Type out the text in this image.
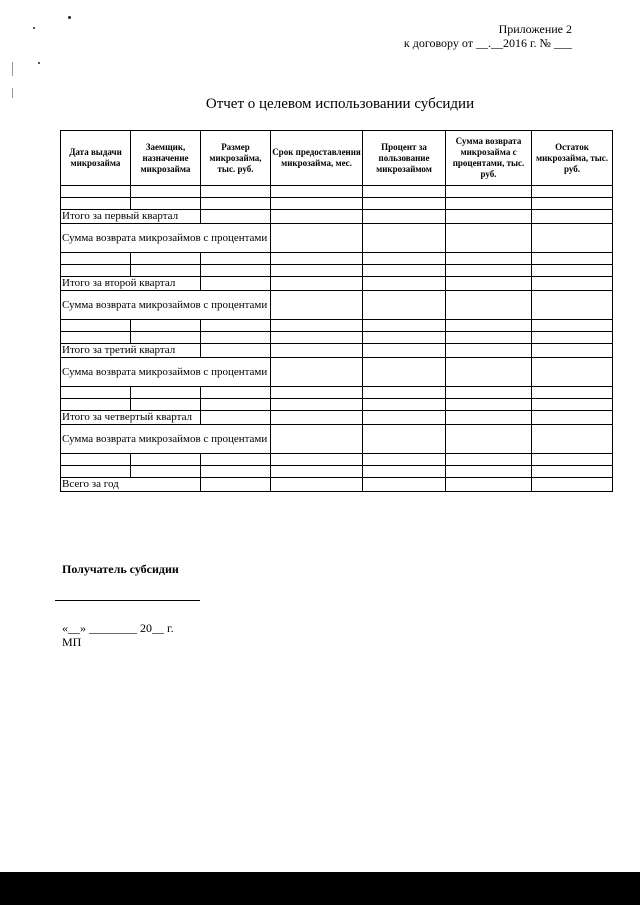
Приложение 2
к договору от __.__2016 г. № ___
Отчет о целевом использовании субсидии
Дата выдачи микрозайма	Заемщик, назначение микрозайма	Размер микрозайма, тыс. руб.	Срок предоставления микрозайма, мес.	Процент за пользование микрозаймом	Сумма возврата микрозайма с процентами, тыс. руб.	Остаток микрозайма, тыс. руб.

Итого за первый квартал						
Сумма возврата микрозаймов с процентами						

Итого за второй квартал						
Сумма возврата микрозаймов с процентами						

Итого за третий квартал						
Сумма возврата микрозаймов с процентами						

Итого за четвертый квартал						
Сумма возврата микрозаймов с процентами						

Всего за год						
Получатель субсидии
«__» ________ 20__ г.
МП
